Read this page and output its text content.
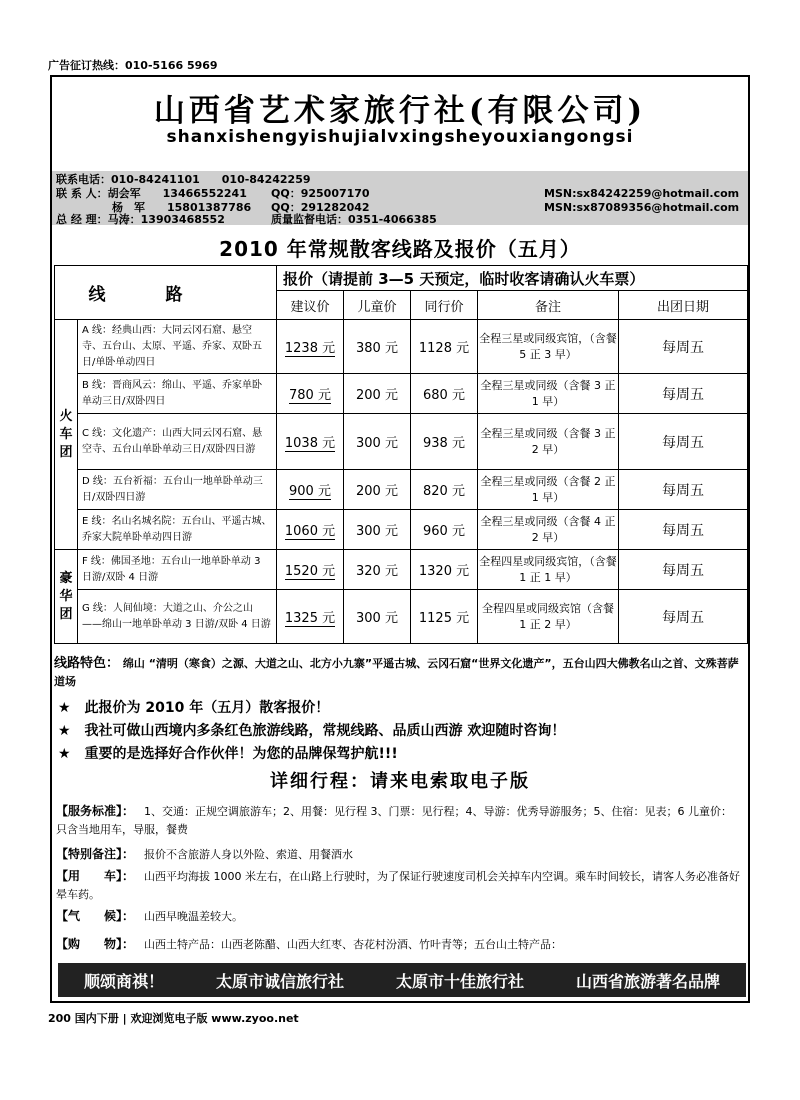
广告征订热线：010-5166 5969
山西省艺术家旅行社(有限公司)
shanxishengyishujialvxingsheyouxiangongsi
联系电话：010-84241101　　010-84242259
联 系 人：胡会军　　13466552241 QQ：925007170	MSN:sx84242259@hotmail.com
杨　军　　15801387786 QQ：291282042	MSN:sx87089356@hotmail.com
总 经 理：马涛：13903468552	质量监督电话：0351-4066385
2010 年常规散客线路及报价（五月）
线路		报价（请提前 3—5 天预定，临时收客请确认火车票）				
		建议价	儿童价	同行价	备注	出团日期
火车团	A 线：经典山西：大同云冈石窟、悬空寺、五台山、太原、平遥、乔家、双卧五日/单卧单动四日	1238 元	380 元	1128 元	全程三星或同级宾馆，（含餐 5 正 3 早）	每周五
	B 线：晋商风云：绵山、平遥、乔家单卧单动三日/双卧四日	780 元	200 元	680 元	全程三星或同级（含餐 3 正 1 早）	每周五
	C 线：文化遗产：山西大同云冈石窟、悬空寺、五台山单卧单动三日/双卧四日游	1038 元	300 元	938 元	全程三星或同级（含餐 3 正 2 早）	每周五
	D 线：五台祈福：五台山一地单卧单动三日/双卧四日游	900 元	200 元	820 元	全程三星或同级（含餐 2 正 1 早）	每周五
	E 线：名山名城名院：五台山、平遥古城、乔家大院单卧单动四日游	1060 元	300 元	960 元	全程三星或同级（含餐 4 正 2 早）	每周五
豪华团	F 线：佛国圣地：五台山一地单卧单动 3 日游/双卧 4 日游	1520 元	320 元	1320 元	全程四星或同级宾馆，（含餐 1 正 1 早）	每周五
	G 线：人间仙境：大道之山、介公之山——绵山一地单卧单动 3 日游/双卧 4 日游	1325 元	300 元	1125 元	全程四星或同级宾馆（含餐 1 正 2 早）	每周五
线路特色： 绵山 “清明（寒食）之源、大道之山、北方小九寨”平遥古城、云冈石窟“世界文化遗产”，五台山四大佛教名山之首、文殊菩萨道场
★　此报价为 2010 年（五月）散客报价！
★　我社可做山西境内多条红色旅游线路，常规线路、品质山西游 欢迎随时咨询！
★　重要的是选择好合作伙伴！为您的品牌保驾护航!!!
详细行程：请来电索取电子版
【服务标准】： 1、交通：正规空调旅游车；2、用餐：见行程 3、门票：见行程；4、导游：优秀导游服务；5、住宿：见表；6 儿童价：只含当地用车，导服，餐费
【特别备注】： 报价不含旅游人身以外险、索道、用餐酒水
【用　　车】： 山西平均海拔 1000 米左右，在山路上行驶时，为了保证行驶速度司机会关掉车内空调。乘车时间较长，请客人务必准备好晕车药。
【气　　候】： 山西早晚温差较大。
【购　　物】： 山西土特产品：山西老陈醋、山西大红枣、杏花村汾酒、竹叶青等；五台山土特产品：
顺颂商祺！	太原市诚信旅行社	太原市十佳旅行社	山西省旅游著名品牌
200 国内下册 | 欢迎浏览电子版 www.zyoo.net
